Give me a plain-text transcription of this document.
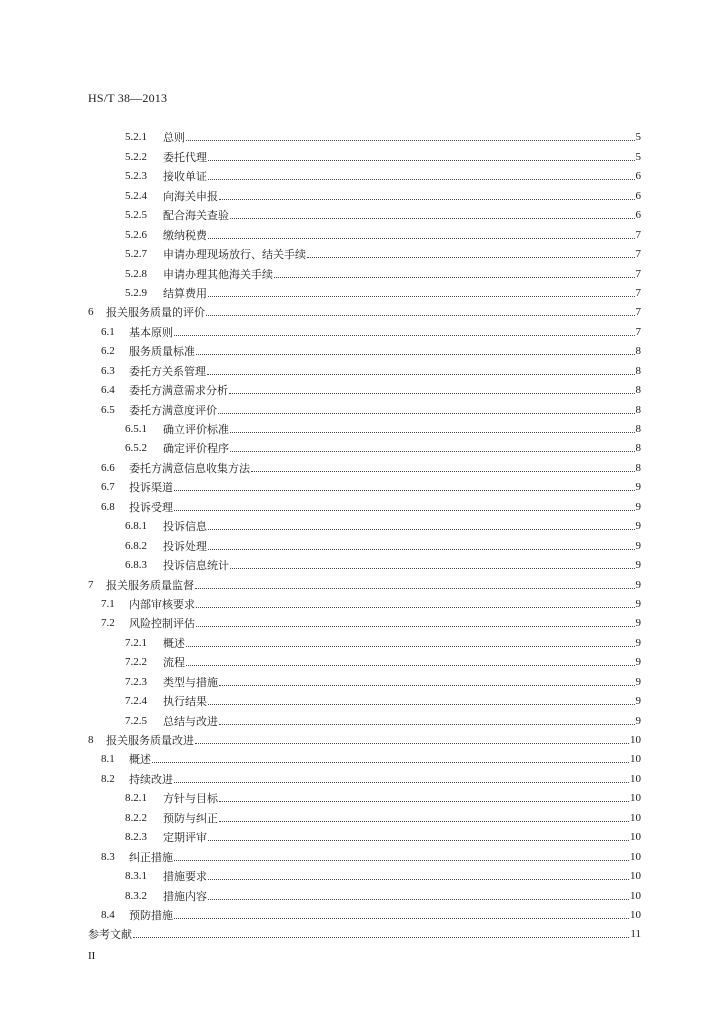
HS/T 38—2013
5.2.1	总则	5
5.2.2	委托代理	5
5.2.3	接收单证	6
5.2.4	向海关申报	6
5.2.5	配合海关查验	6
5.2.6	缴纳税费	7
5.2.7	申请办理现场放行、结关手续	7
5.2.8	申请办理其他海关手续	7
5.2.9	结算费用	7
6	报关服务质量的评价	7
6.1	基本原则	7
6.2	服务质量标准	8
6.3	委托方关系管理	8
6.4	委托方满意需求分析	8
6.5	委托方满意度评价	8
6.5.1	确立评价标准	8
6.5.2	确定评价程序	8
6.6	委托方满意信息收集方法	8
6.7	投诉渠道	9
6.8	投诉受理	9
6.8.1	投诉信息	9
6.8.2	投诉处理	9
6.8.3	投诉信息统计	9
7	报关服务质量监督	9
7.1	内部审核要求	9
7.2	风险控制评估	9
7.2.1	概述	9
7.2.2	流程	9
7.2.3	类型与措施	9
7.2.4	执行结果	9
7.2.5	总结与改进	9
8	报关服务质量改进	10
8.1	概述	10
8.2	持续改进	10
8.2.1	方针与目标	10
8.2.2	预防与纠正	10
8.2.3	定期评审	10
8.3	纠正措施	10
8.3.1	措施要求	10
8.3.2	措施内容	10
8.4	预防措施	10
参考文献	11
II
